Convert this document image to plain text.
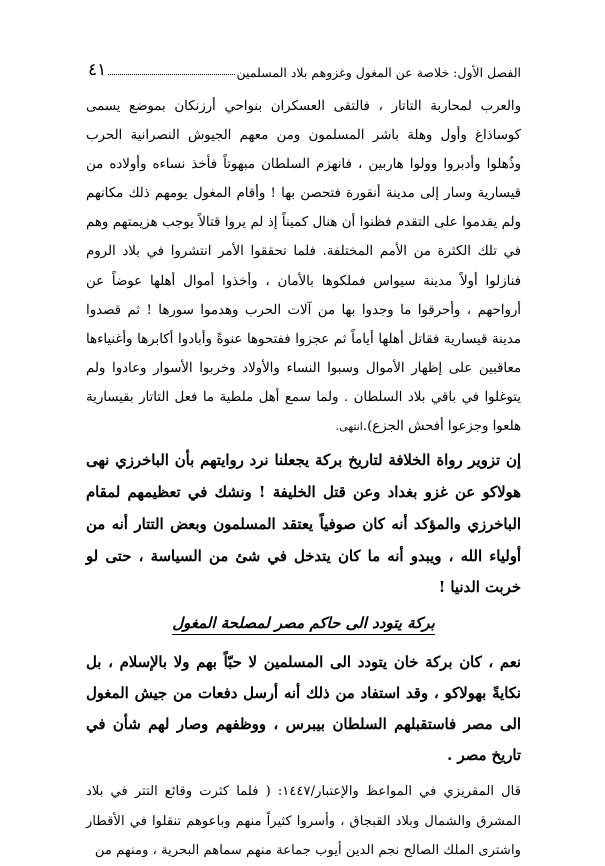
الفصل الأول: خلاصة عن المغول وغزوهم بلاد المسلمين
٤١

والعرب لمحاربة التاتار ، فالتقى العسكران بنواحي أرزنكان بموضع يسمى كوساذاغ وأول وهلة باشر المسلمون ومن معهم الجيوش النصرانية الحرب وذُهلوا وأدبروا وولوا هاربين ، فانهزم السلطان مبهوتاً فأخذ نساءه وأولاده من قيسارية وسار إلى مدينة أنقورة فتحصن بها ! وأقام المغول يومهم ذلك مكانهم ولم يقدموا على التقدم فظنوا أن هنال كميناً إذ لم يروا قتالاً يوجب هزيمتهم وهم في تلك الكثرة من الأمم المختلفة. فلما تحققوا الأمر انتشروا في بلاد الروم فنازلوا أولاً مدينة سيواس فملكوها بالأمان ، وأخذوا أموال أهلها عوضاً عن أرواحهم ، وأحرقوا ما وجدوا بها من آلات الحرب وهدموا سورها ! ثم قصدوا مدينة قيسارية فقاتل أهلها أياماً ثم عجزوا ففتحوها عنوةً وأبادوا أكابرها وأغنياءها معاقبين على إظهار الأموال وسبوا النساء والأولاد وخربوا الأسوار وعادوا ولم يتوغلوا في باقي بلاد السلطان . ولما سمع أهل ملطية ما فعل التاتار بقيسارية هلعوا وجزعوا أفحش الجزع).انتهى.

إن تزوير رواة الخلافة لتاريخ بركة يجعلنا نرد روايتهم بأن الباخرزي نهى هولاكو عن غزو بغداد وعن قتل الخليفة ! ونشك في تعظيمهم لمقام الباخرزي والمؤكد أنه كان صوفياً يعتقد المسلمون وبعض التتار أنه من أولياء الله ، ويبدو أنه ما كان يتدخل في شئ من السياسة ، حتى لو خربت الدنيا !

بركة يتودد الى حاكم مصر لمصلحة المغول

نعم ، كان بركة خان يتودد الى المسلمين لا حبّاً بهم ولا بالإسلام ، بل نكايةً بهولاكو ، وقد استفاد من ذلك أنه أرسل دفعات من جيش المغول الى مصر فاستقبلهم السلطان بيبرس ، ووظفهم وصار لهم شأن في تاريخ مصر .

قال المقريزي في المواعظ والإعتبار/١٤٤٧: ( فلما كثرت وقائع التتر في بلاد المشرق والشمال وبلاد القبجاق ، وأسروا كثيراً منهم وباعوهم تنقلوا في الأقطار واشترى الملك الصالح نجم الدين أيوب جماعة منهم سماهم البحرية ، ومنهم من
